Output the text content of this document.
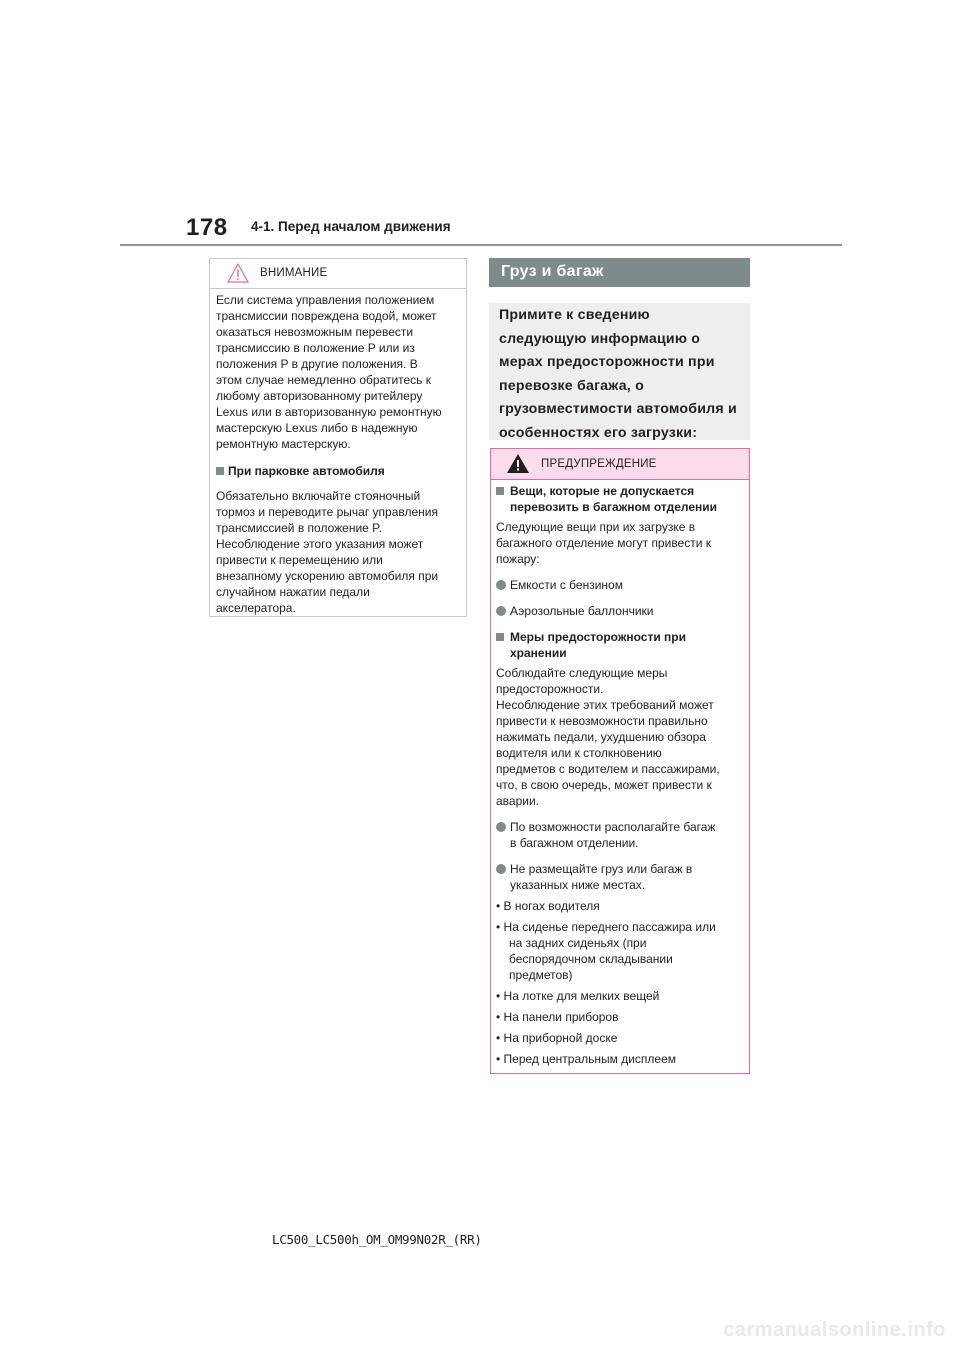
178 4-1. Перед началом движения
ВНИМАНИЕ
Если система управления положением
трансмиссии повреждена водой, может
оказаться невозможным перевести
трансмиссию в положение P или из
положения P в другие положения. В
этом случае немедленно обратитесь к
любому авторизованному ритейлеру
Lexus или в авторизованную ремонтную
мастерскую Lexus либо в надежную
ремонтную мастерскую.
При парковке автомобиля
Обязательно включайте стояночный
тормоз и переводите рычаг управления
трансмиссией в положение P.
Несоблюдение этого указания может
привести к перемещению или
внезапному ускорению автомобиля при
случайном нажатии педали
акселератора.
Груз и багаж
Примите к сведению
следующую информацию о
мерах предосторожности при
перевозке багажа, о
грузовместимости автомобиля и
особенностях его загрузки:
ПРЕДУПРЕЖДЕНИЕ
Вещи, которые не допускается
перевозить в багажном отделении
Следующие вещи при их загрузке в
багажного отделение могут привести к
пожару:
Емкости с бензином
Аэрозольные баллончики
Меры предосторожности при
хранении
Соблюдайте следующие меры
предосторожности.
Несоблюдение этих требований может
привести к невозможности правильно
нажимать педали, ухудшению обзора
водителя или к столкновению
предметов с водителем и пассажирами,
что, в свою очередь, может привести к
аварии.
По возможности располагайте багаж
в багажном отделении.
Не размещайте груз или багаж в
указанных ниже местах.
• В ногах водителя
• На сиденье переднего пассажира или
на задних сиденьях (при
беспорядочном складывании
предметов)
• На лотке для мелких вещей
• На панели приборов
• На приборной доске
• Перед центральным дисплеем
LC500_LC500h_OM_OM99N02R_(RR)
carmanualsonline.info
